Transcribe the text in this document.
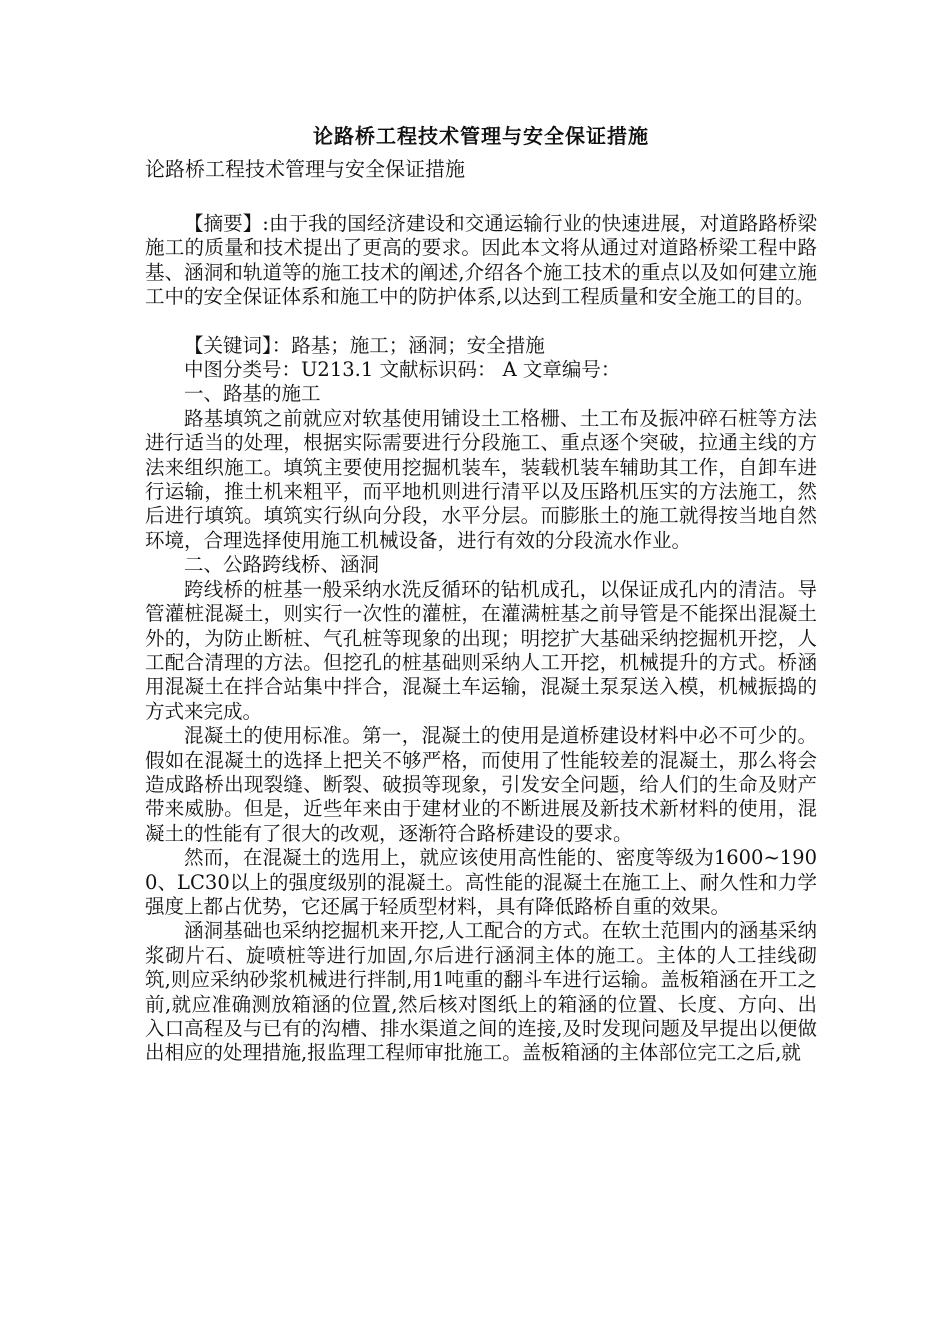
论路桥工程技术管理与安全保证措施

论路桥工程技术管理与安全保证措施

【摘要】:由于我的国经济建设和交通运输行业的快速进展，对道路路桥梁施工的质量和技术提出了更高的要求。因此本文将从通过对道路桥梁工程中路基、涵洞和轨道等的施工技术的阐述,介绍各个施工技术的重点以及如何建立施工中的安全保证体系和施工中的防护体系,以达到工程质量和安全施工的目的。

【关键词】：路基；施工；涵洞；安全措施

中图分类号：U213.1 文献标识码： A 文章编号：

一、路基的施工

路基填筑之前就应对软基使用铺设土工格栅、土工布及振冲碎石桩等方法进行适当的处理，根据实际需要进行分段施工、重点逐个突破，拉通主线的方法来组织施工。填筑主要使用挖掘机装车，装载机装车辅助其工作，自卸车进行运输，推土机来粗平，而平地机则进行清平以及压路机压实的方法施工，然后进行填筑。填筑实行纵向分段，水平分层。而膨胀土的施工就得按当地自然环境，合理选择使用施工机械设备，进行有效的分段流水作业。

二、公路跨线桥、涵洞

跨线桥的桩基一般采纳水洗反循环的钻机成孔，以保证成孔内的清洁。导管灌桩混凝土，则实行一次性的灌桩，在灌满桩基之前导管是不能探出混凝土外的，为防止断桩、气孔桩等现象的出现；明挖扩大基础采纳挖掘机开挖，人工配合清理的方法。但挖孔的桩基础则采纳人工开挖，机械提升的方式。桥涵用混凝土在拌合站集中拌合，混凝土车运输，混凝土泵泵送入模，机械振捣的方式来完成。

混凝土的使用标准。第一，混凝土的使用是道桥建设材料中必不可少的。假如在混凝土的选择上把关不够严格，而使用了性能较差的混凝土，那么将会造成路桥出现裂缝、断裂、破损等现象，引发安全问题，给人们的生命及财产带来威胁。但是，近些年来由于建材业的不断进展及新技术新材料的使用，混凝土的性能有了很大的改观，逐渐符合路桥建设的要求。

然而，在混凝土的选用上，就应该使用高性能的、密度等级为1600~1900、LC30以上的强度级别的混凝土。高性能的混凝土在施工上、耐久性和力学强度上都占优势，它还属于轻质型材料，具有降低路桥自重的效果。

涵洞基础也采纳挖掘机来开挖,人工配合的方式。在软土范围内的涵基采纳浆砌片石、旋喷桩等进行加固,尔后进行涵洞主体的施工。主体的人工挂线砌筑,则应采纳砂浆机械进行拌制,用1吨重的翻斗车进行运输。盖板箱涵在开工之前,就应准确测放箱涵的位置,然后核对图纸上的箱涵的位置、长度、方向、出入口高程及与已有的沟槽、排水渠道之间的连接,及时发现问题及早提出以便做出相应的处理措施,报监理工程师审批施工。盖板箱涵的主体部位完工之后,就
